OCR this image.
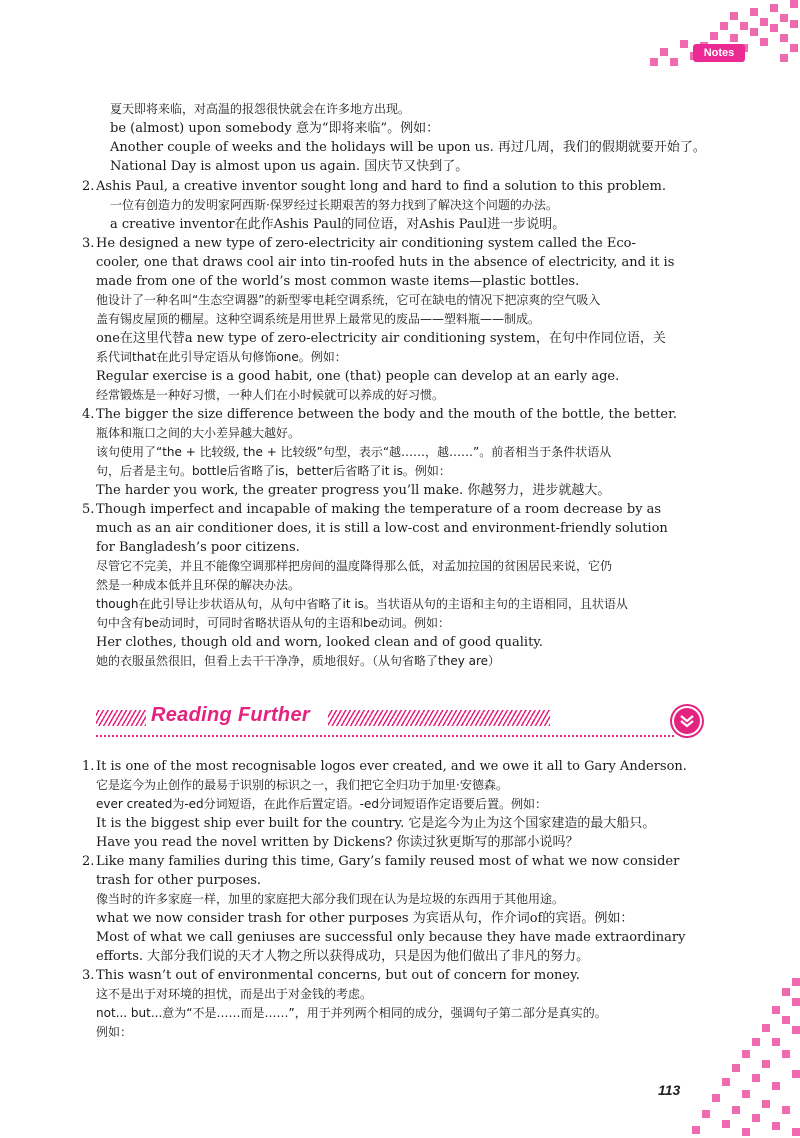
Notes
夏天即将来临，对高温的报怨很快就会在许多地方出现。
be (almost) upon somebody 意为“即将来临”。例如：
Another couple of weeks and the holidays will be upon us. 再过几周，我们的假期就要开始了。
National Day is almost upon us again. 国庆节又快到了。
2. Ashis Paul, a creative inventor sought long and hard to find a solution to this problem.
一位有创造力的发明家阿西斯·保罗经过长期艰苦的努力找到了解决这个问题的办法。
a creative inventor在此作Ashis Paul的同位语，对Ashis Paul进一步说明。
3. He designed a new type of zero-electricity air conditioning system called the Eco-
cooler, one that draws cool air into tin-roofed huts in the absence of electricity, and it is
made from one of the world’s most common waste items—plastic bottles.
他设计了一种名叫“生态空调器”的新型零电耗空调系统，它可在缺电的情况下把凉爽的空气吸入
盖有锡皮屋顶的棚屋。这种空调系统是用世界上最常见的废品——塑料瓶——制成。
one在这里代替a new type of zero-electricity air conditioning system，在句中作同位语，关
系代词that在此引导定语从句修饰one。例如：
Regular exercise is a good habit, one (that) people can develop at an early age.
经常锻炼是一种好习惯，一种人们在小时候就可以养成的好习惯。
4. The bigger the size difference between the body and the mouth of the bottle, the better.
瓶体和瓶口之间的大小差异越大越好。
该句使用了“the + 比较级, the + 比较级”句型，表示“越……，越……”。前者相当于条件状语从
句，后者是主句。bottle后省略了is，better后省略了it is。例如：
The harder you work, the greater progress you’ll make. 你越努力，进步就越大。
5. Though imperfect and incapable of making the temperature of a room decrease by as
much as an air conditioner does, it is still a low-cost and environment-friendly solution
for Bangladesh’s poor citizens.
尽管它不完美，并且不能像空调那样把房间的温度降得那么低，对孟加拉国的贫困居民来说，它仍
然是一种成本低并且环保的解决办法。
though在此引导让步状语从句，从句中省略了it is。当状语从句的主语和主句的主语相同，且状语从
句中含有be动词时，可同时省略状语从句的主语和be动词。例如：
Her clothes, though old and worn, looked clean and of good quality.
她的衣服虽然很旧，但看上去干干净净，质地很好。（从句省略了they are）
Reading Further
1. It is one of the most recognisable logos ever created, and we owe it all to Gary Anderson.
它是迄今为止创作的最易于识别的标识之一，我们把它全归功于加里·安德森。
ever created为-ed分词短语，在此作后置定语。-ed分词短语作定语要后置。例如：
It is the biggest ship ever built for the country. 它是迄今为止为这个国家建造的最大船只。
Have you read the novel written by Dickens? 你读过狄更斯写的那部小说吗？
2. Like many families during this time, Gary’s family reused most of what we now consider
trash for other purposes.
像当时的许多家庭一样，加里的家庭把大部分我们现在认为是垃圾的东西用于其他用途。
what we now consider trash for other purposes 为宾语从句，作介词of的宾语。例如：
Most of what we call geniuses are successful only because they have made extraordinary
efforts. 大部分我们说的天才人物之所以获得成功，只是因为他们做出了非凡的努力。
3. This wasn’t out of environmental concerns, but out of concern for money.
这不是出于对环境的担忧，而是出于对金钱的考虑。
not... but...意为“不是……而是……”，用于并列两个相同的成分，强调句子第二部分是真实的。
例如：
113
